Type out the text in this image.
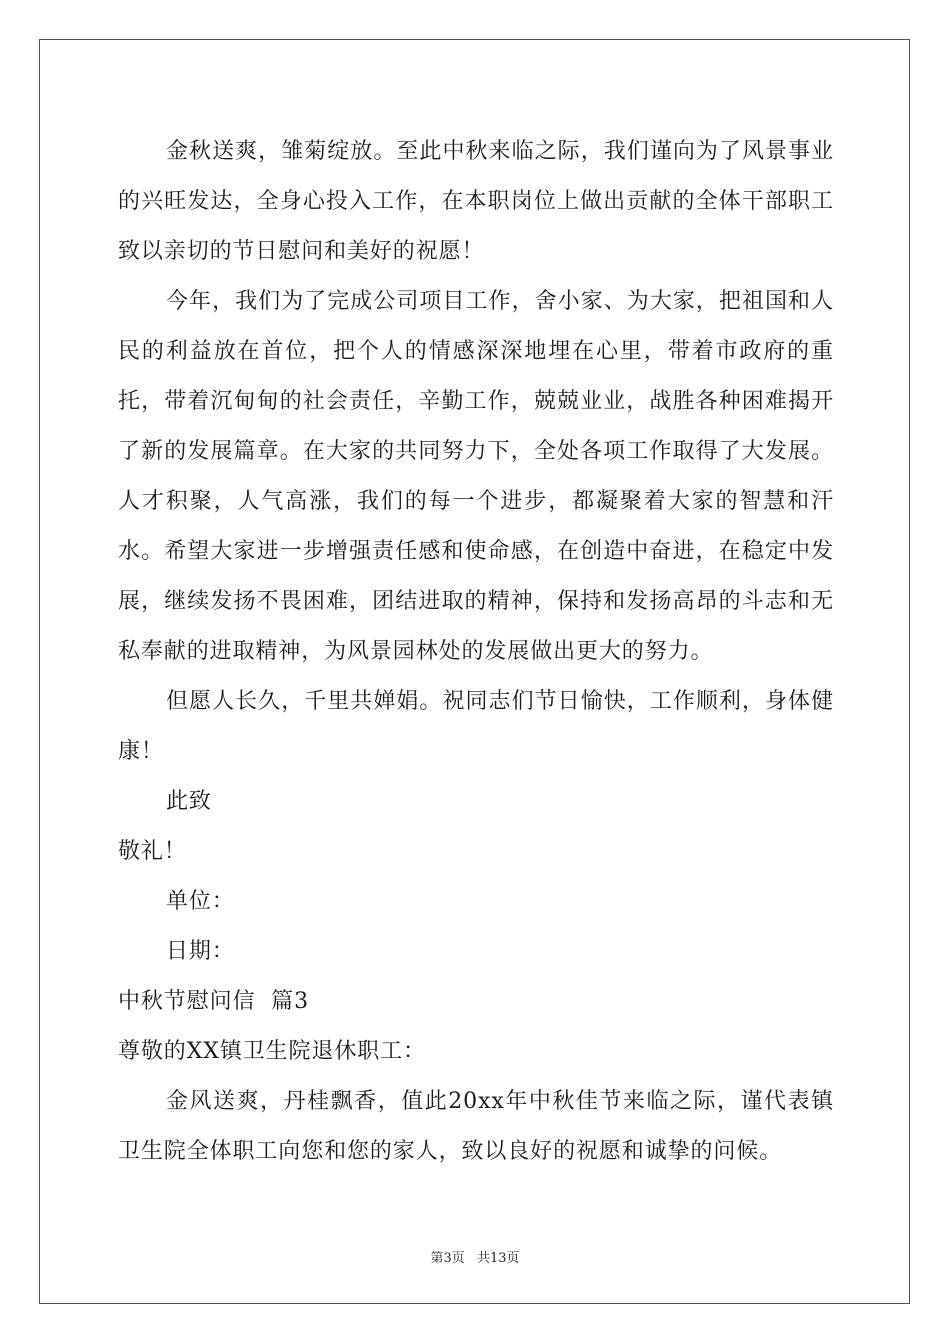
金秋送爽，雏菊绽放。至此中秋来临之际，我们谨向为了风景事业的兴旺发达，全身心投入工作，在本职岗位上做出贡献的全体干部职工致以亲切的节日慰问和美好的祝愿！

今年，我们为了完成公司项目工作，舍小家、为大家，把祖国和人民的利益放在首位，把个人的情感深深地埋在心里，带着市政府的重托，带着沉甸甸的社会责任，辛勤工作，兢兢业业，战胜各种困难揭开了新的发展篇章。在大家的共同努力下，全处各项工作取得了大发展。人才积聚，人气高涨，我们的每一个进步，都凝聚着大家的智慧和汗水。希望大家进一步增强责任感和使命感，在创造中奋进，在稳定中发展，继续发扬不畏困难，团结进取的精神，保持和发扬高昂的斗志和无私奉献的进取精神，为风景园林处的发展做出更大的努力。

但愿人长久，千里共婵娟。祝同志们节日愉快，工作顺利，身体健康！

此致

敬礼！

单位：

日期：

中秋节慰问信  篇3

尊敬的XX镇卫生院退休职工：

金风送爽，丹桂飘香，值此20xx年中秋佳节来临之际，谨代表镇卫生院全体职工向您和您的家人，致以良好的祝愿和诚挚的问候。

第3页 共13页
